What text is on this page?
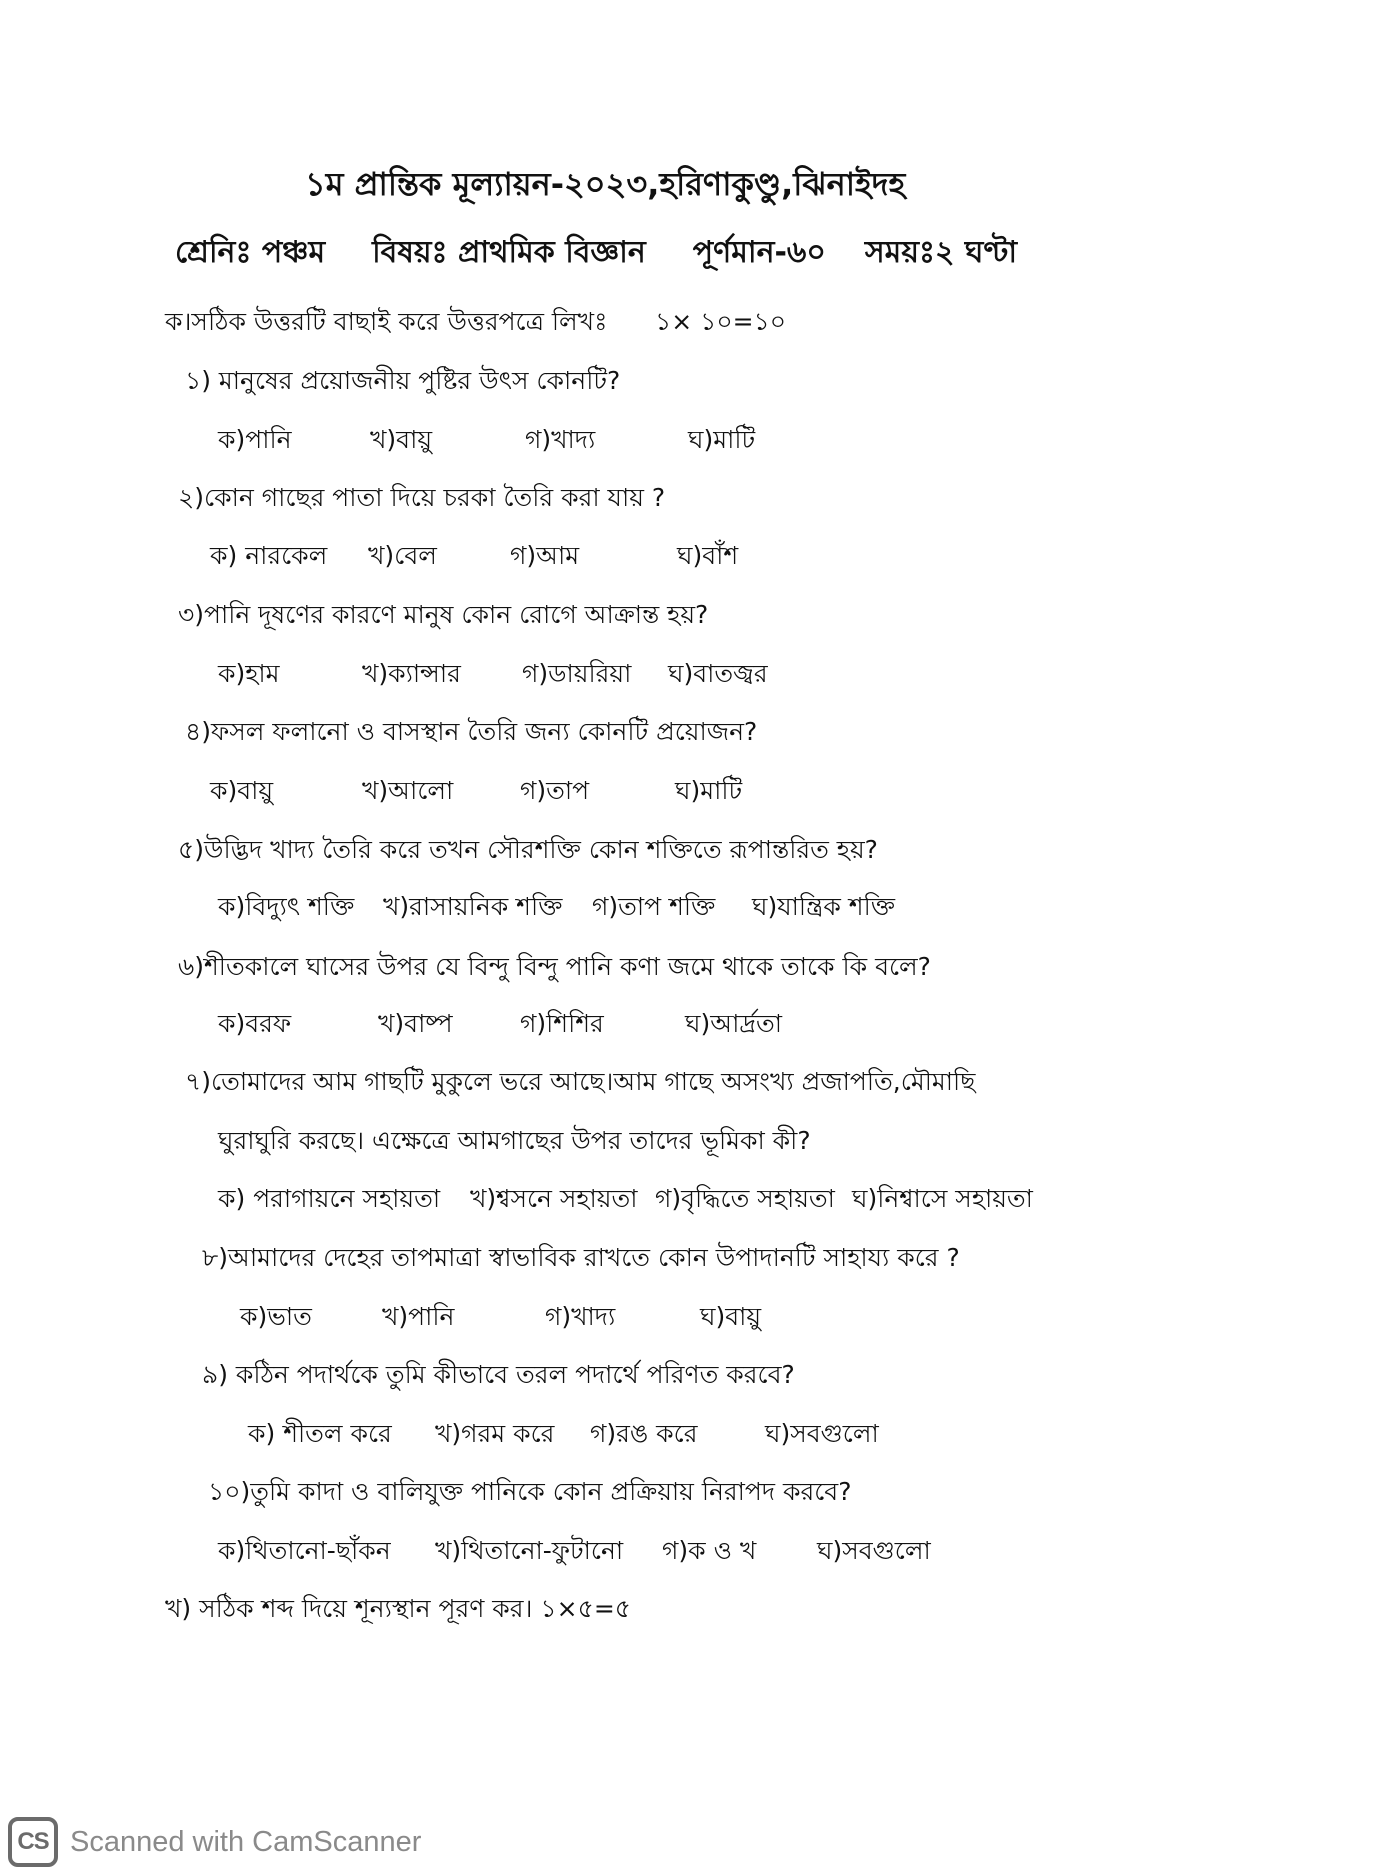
১ম প্রান্তিক মূল্যায়ন-২০২৩,হরিণাকুণ্ডু,ঝিনাইদহ
শ্রেনিঃ পঞ্চম বিষয়ঃ প্রাথমিক বিজ্ঞান পূর্ণমান-৬০ সময়ঃ২ ঘণ্টা
ক।সঠিক উত্তরটি বাছাই করে উত্তরপত্রে লিখঃ ১× ১০=১০
১) মানুষের প্রয়োজনীয় পুষ্টির উৎস কোনটি?
ক)পানি	খ)বায়ু	গ)খাদ্য	ঘ)মাটি
২)কোন গাছের পাতা দিয়ে চরকা তৈরি করা যায় ?
ক) নারকেল খ)বেল	গ)আম	ঘ)বাঁশ
৩)পানি দূষণের কারণে মানুষ কোন রোগে আক্রান্ত হয়?
ক)হাম	খ)ক্যান্সার গ)ডায়রিয়া ঘ)বাতজ্বর
৪)ফসল ফলানো ও বাসস্থান তৈরি জন্য কোনটি প্রয়োজন?
ক)বায়ু	খ)আলো	গ)তাপ	ঘ)মাটি
৫)উদ্ভিদ খাদ্য তৈরি করে তখন সৌরশক্তি কোন শক্তিতে রূপান্তরিত হয়?
ক)বিদ্যুৎ শক্তি খ)রাসায়নিক শক্তি গ)তাপ শক্তি ঘ)যান্ত্রিক শক্তি
৬)শীতকালে ঘাসের উপর যে বিন্দু বিন্দু পানি কণা জমে থাকে তাকে কি বলে?
ক)বরফ	খ)বাষ্প	গ)শিশির	ঘ)আর্দ্রতা
৭)তোমাদের আম গাছটি মুকুলে ভরে আছে।আম গাছে অসংখ্য প্রজাপতি,মৌমাছি
ঘুরাঘুরি করছে। এক্ষেত্রে আমগাছের উপর তাদের ভূমিকা কী?
ক) পরাগায়নে সহায়তা খ)শ্বসনে সহায়তা গ)বৃদ্ধিতে সহায়তা ঘ)নিশ্বাসে সহায়তা
৮)আমাদের দেহের তাপমাত্রা স্বাভাবিক রাখতে কোন উপাদানটি সাহায্য করে ?
ক)ভাত	খ)পানি	গ)খাদ্য	ঘ)বায়ু
৯) কঠিন পদার্থকে তুমি কীভাবে তরল পদার্থে পরিণত করবে?
ক) শীতল করে খ)গরম করে গ)রঙ করে	ঘ)সবগুলো
১০)তুমি কাদা ও বালিযুক্ত পানিকে কোন প্রক্রিয়ায় নিরাপদ করবে?
ক)থিতানো-ছাঁকন খ)থিতানো-ফুটানো গ)ক ও খ ঘ)সবগুলো
খ) সঠিক শব্দ দিয়ে শূন্যস্থান পূরণ কর। ১×৫=৫
CS Scanned with CamScanner
